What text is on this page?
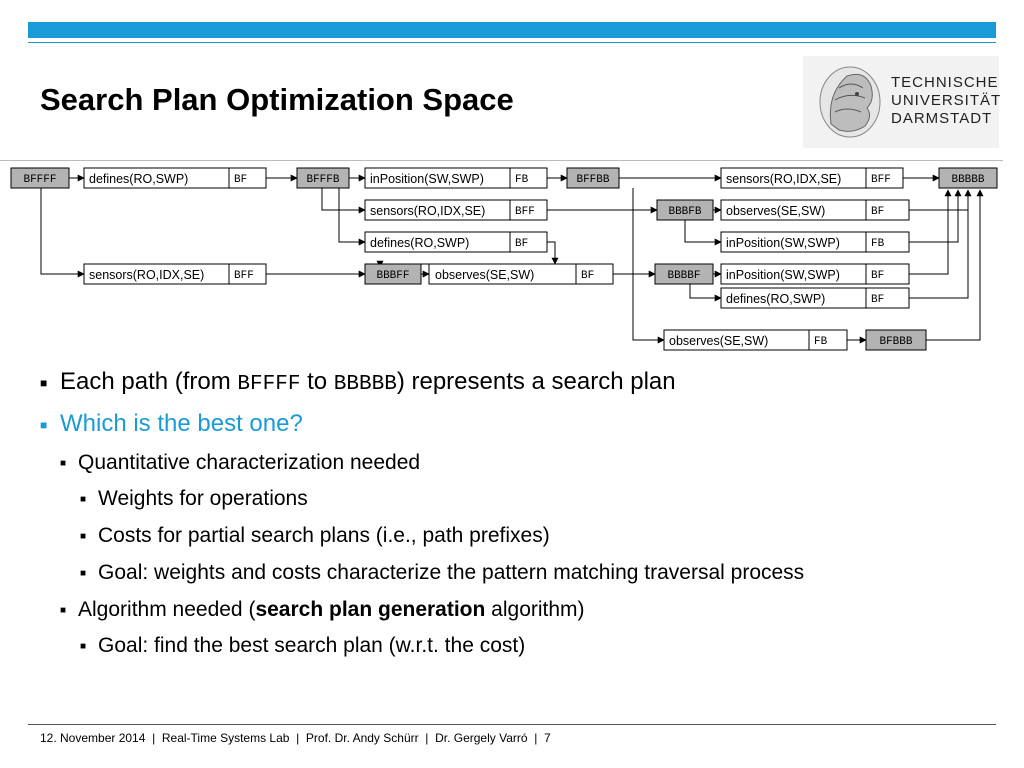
Search Plan Optimization Space	TECHNISCHE
UNIVERSITÄT
DARMSTADT
BFFFF	BFFFB	BFFBB	BBBBB
BBBFB
BBBFF	BBBBF
BFBBB
defines(RO,SWP)	BF	inPosition(SW,SWP)	FB
sensors(RO,IDX,SE)	BFF
sensors(RO,IDX,SE)	BFF	observes(SE,SW)	BF
defines(RO,SWP)	BF	inPosition(SW,SWP)	FB
sensors(RO,IDX,SE)	BFF
observes(SE,SW)	BF
inPosition(SW,SWP)	BF
defines(RO,SWP)	BF
observes(SE,SW)	FB
■ Each path (from BFFFF to BBBBB) represents a search plan
■ Which is the best one?
■ Quantitative characterization needed
■ Weights for operations
■ Costs for partial search plans (i.e., path prefixes)
■ Goal: weights and costs characterize the pattern matching traversal process
■ Algorithm needed (search plan generation algorithm)
■ Goal: find the best search plan (w.r.t. the cost)
12. November 2014  |  Real-Time Systems Lab  |  Prof. Dr. Andy Schürr  |  Dr. Gergely Varró  |  7
